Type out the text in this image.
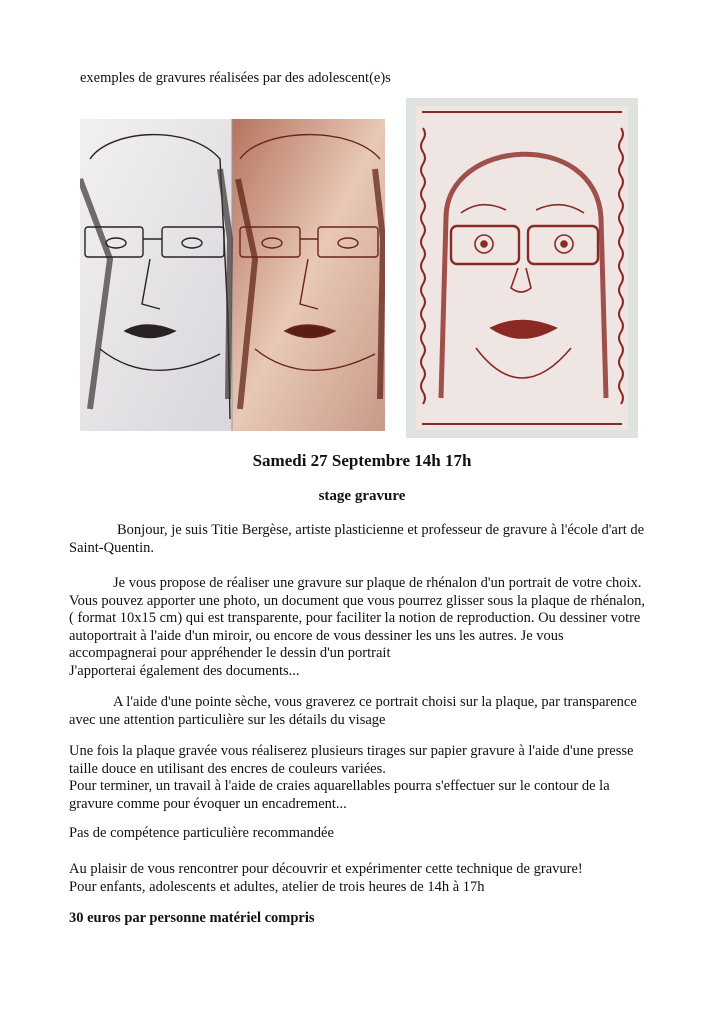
exemples de gravures réalisées par des adolescent(e)s
Samedi 27 Septembre 14h 17h
stage gravure

Bonjour, je suis Titie Bergèse, artiste plasticienne et professeur de gravure à l'école d'art de Saint-Quentin.

Je vous propose de réaliser une gravure sur plaque de rhénalon d'un portrait de votre choix.

Vous pouvez apporter une photo, un document que vous pourrez glisser sous la plaque de rhénalon,

( format 10x15 cm) qui est transparente, pour faciliter la notion de reproduction. Ou dessiner votre

autoportrait à l'aide d'un miroir, ou encore de vous dessiner les uns les autres. Je vous

accompagnerai pour appréhender le dessin d'un portrait

J'apporterai également des documents...

A l'aide d'une pointe sèche, vous graverez ce portrait choisi sur la plaque, par transparence

avec une attention particulière sur les détails du visage

Une fois la plaque gravée vous réaliserez plusieurs tirages sur papier gravure à l'aide d'une presse

taille douce en utilisant des encres de couleurs variées.

Pour terminer, un travail à l'aide de craies aquarellables pourra s'effectuer sur le contour de la

gravure comme pour évoquer un encadrement...

Pas de compétence particulière recommandée

Au plaisir de vous rencontrer pour découvrir et expérimenter cette technique de gravure!

Pour enfants, adolescents et adultes, atelier de trois heures de 14h à 17h

30 euros par personne matériel compris
